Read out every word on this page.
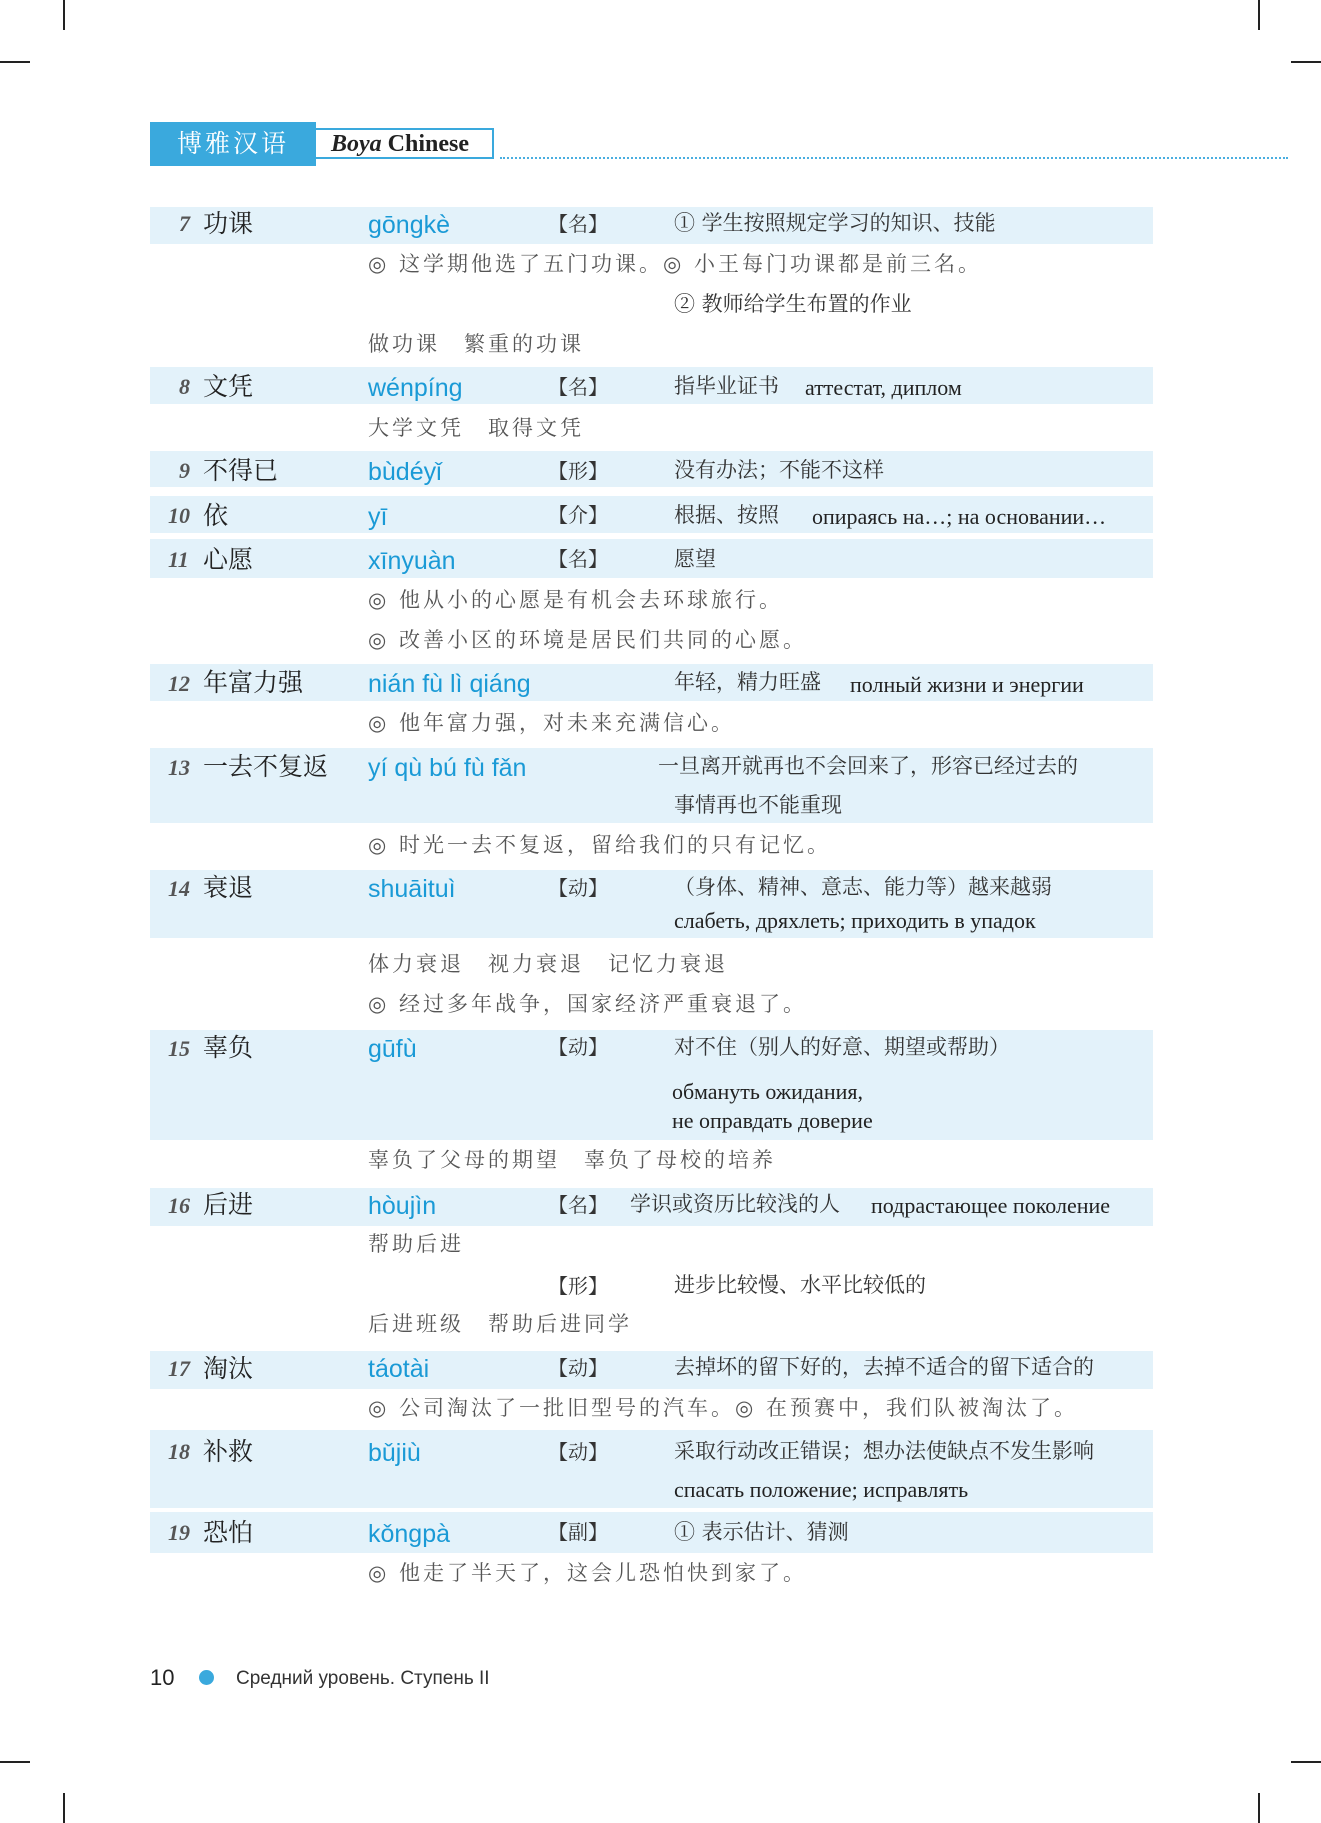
博雅汉语	Boya Chinese
7 功课	gōngkè	【名】	① 学生按照规定学习的知识、技能
◎ 这学期他选了五门功课。◎ 小王每门功课都是前三名。
② 教师给学生布置的作业
做功课　繁重的功课
8 文凭	wénpíng	【名】	指毕业证书 аттестат, диплом
大学文凭　取得文凭
9 不得已	bùdéyǐ	【形】	没有办法；不能不这样
10 依	yī	【介】	根据、按照 опираясь на…; на основании…
11 心愿	xīnyuàn	【名】	愿望
◎ 他从小的心愿是有机会去环球旅行。
◎ 改善小区的环境是居民们共同的心愿。
12 年富力强	nián fù lì qiáng	年轻，精力旺盛 полный жизни и энергии
◎ 他年富力强，对未来充满信心。
13 一去不复返 yí qù bú fù fǎn	一旦离开就再也不会回来了，形容已经过去的
事情再也不能重现
◎ 时光一去不复返，留给我们的只有记忆。
14 衰退	shuāituì	【动】	（身体、精神、意志、能力等）越来越弱
слабеть, дряхлеть; приходить в упадок
体力衰退　视力衰退　记忆力衰退
◎ 经过多年战争，国家经济严重衰退了。
15 辜负	gūfù	【动】	对不住（别人的好意、期望或帮助）
обмануть ожидания,
не оправдать доверие
辜负了父母的期望　辜负了母校的培养
16 后进	hòujìn	【名】 学识或资历比较浅的人 подрастающее поколение
帮助后进
【形】	进步比较慢、水平比较低的
后进班级　帮助后进同学
17 淘汰	táotài	【动】	去掉坏的留下好的，去掉不适合的留下适合的
◎ 公司淘汰了一批旧型号的汽车。◎ 在预赛中，我们队被淘汰了。
18 补救	bǔjiù	【动】	采取行动改正错误；想办法使缺点不发生影响
спасать положение; исправлять
19 恐怕	kǒngpà	【副】	① 表示估计、猜测
◎ 他走了半天了，这会儿恐怕快到家了。
10	Средний уровень. Ступень II
